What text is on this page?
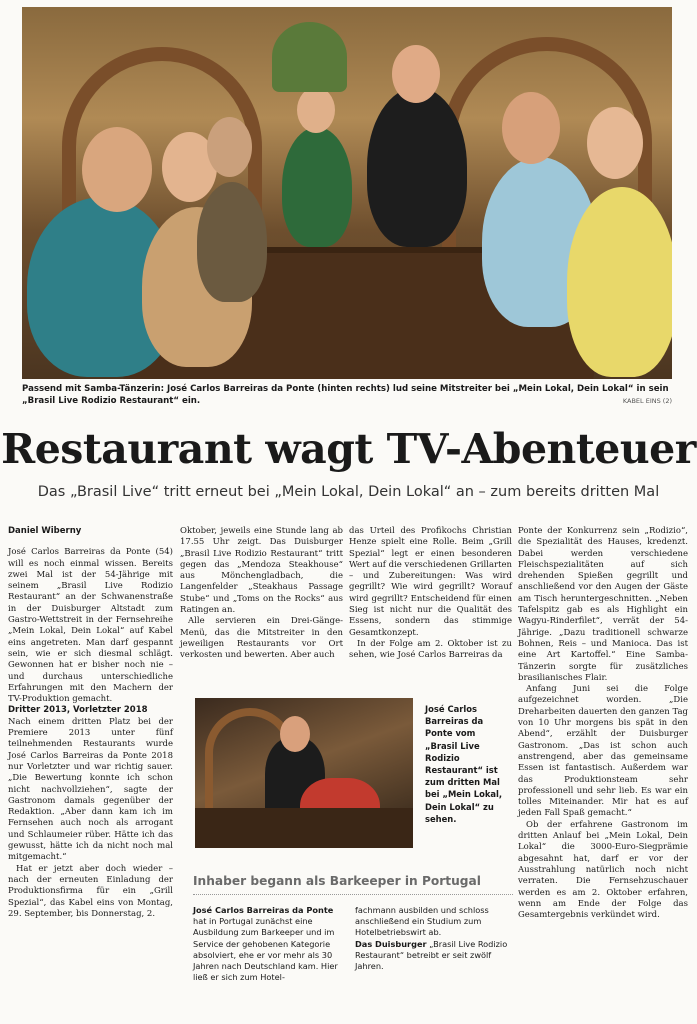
Passend mit Samba-Tänzerin: José Carlos Barreiras da Ponte (hinten rechts) lud seine Mitstreiter bei „Mein Lokal, Dein Lokal“ in sein „Brasil Live Rodizio Restaurant“ ein.	KABEL EINS (2)
Restaurant wagt TV-Abenteuer
Das „Brasil Live“ tritt erneut bei „Mein Lokal, Dein Lokal“ an – zum bereits dritten Mal
Daniel Wiberny

José Carlos Barreiras da Ponte (54) will es noch einmal wissen. Bereits zwei Mal ist der 54-Jährige mit seinem „Brasil Live Rodizio Restaurant“ an der Schwanenstraße in der Duisburger Altstadt zum Gastro-Wettstreit in der Fernsehreihe „Mein Lokal, Dein Lokal“ auf Kabel eins angetreten. Man darf gespannt sein, wie er sich diesmal schlägt. Gewonnen hat er bisher noch nie – und durchaus unterschiedliche Erfahrungen mit den Machern der TV-Produktion gemacht.

Dritter 2013, Vorletzter 2018

Nach einem dritten Platz bei der Premiere 2013 unter fünf teilnehmenden Restaurants wurde José Carlos Barreiras da Ponte 2018 nur Vorletzter und war richtig sauer. „Die Bewertung konnte ich schon nicht nachvollziehen“, sagte der Gastronom damals gegenüber der Redaktion. „Aber dann kam ich im Fernsehen auch noch als arrogant und Schlaumeier rüber. Hätte ich das gewusst, hätte ich da nicht noch mal mitgemacht.“

Hat er jetzt aber doch wieder – nach der erneuten Einladung der Produktionsfirma für ein „Grill Spezial“, das Kabel eins von Montag, 29. September, bis Donnerstag, 2.

Oktober, jeweils eine Stunde lang ab 17.55 Uhr zeigt. Das Duisburger „Brasil Live Rodizio Restaurant“ tritt gegen das „Mendoza Steakhouse“ aus Mönchengladbach, die Langenfelder „Steakhaus Passage Stube“ und „Toms on the Rocks“ aus Ratingen an.

Alle servieren ein Drei-Gänge-Menü, das die Mitstreiter in den jeweiligen Restaurants vor Ort verkosten und bewerten. Aber auch

das Urteil des Profikochs Christian Henze spielt eine Rolle. Beim „Grill Spezial“ legt er einen besonderen Wert auf die verschiedenen Grillarten – und Zubereitungen: Was wird gegrillt? Wie wird gegrillt? Worauf wird gegrillt? Entscheidend für einen Sieg ist nicht nur die Qualität des Essens, sondern das stimmige Gesamtkonzept.

In der Folge am 2. Oktober ist zu sehen, wie José Carlos Barreiras da

Ponte der Konkurrenz sein „Rodizio“, die Spezialität des Hauses, kredenzt. Dabei werden verschiedene Fleischspezialitäten auf sich drehenden Spießen gegrillt und anschließend vor den Augen der Gäste am Tisch heruntergeschnitten. „Neben Tafelspitz gab es als Highlight ein Wagyu-Rinderfilet“, verrät der 54-Jährige. „Dazu traditionell schwarze Bohnen, Reis – und Manioca. Das ist eine Art Kartoffel.“ Eine Samba-Tänzerin sorgte für zusätzliches brasilianisches Flair.

Anfang Juni sei die Folge aufgezeichnet worden. „Die Dreharbeiten dauerten den ganzen Tag von 10 Uhr morgens bis spät in den Abend“, erzählt der Duisburger Gastronom. „Das ist schon auch anstrengend, aber das gemeinsame Essen ist fantastisch. Außerdem war das Produktionsteam sehr professionell und sehr lieb. Es war ein tolles Miteinander. Mir hat es auf jeden Fall Spaß gemacht.“

Ob der erfahrene Gastronom im dritten Anlauf bei „Mein Lokal, Dein Lokal“ die 3000-Euro-Siegprämie abgesahnt hat, darf er vor der Ausstrahlung natürlich noch nicht verraten. Die Fernsehzuschauer werden es am 2. Oktober erfahren, wenn am Ende der Folge das Gesamtergebnis verkündet wird.

José Carlos Barreiras da Ponte vom „Brasil Live Rodizio Restaurant“ ist zum dritten Mal bei „Mein Lokal, Dein Lokal“ zu sehen.
Inhaber begann als Barkeeper in Portugal
José Carlos Barreiras da Ponte
hat in Portugal zunächst eine Ausbildung zum Barkeeper und im Service der gehobenen Kategorie absolviert, ehe er vor mehr als 30 Jahren nach Deutschland kam. Hier ließ er sich zum Hotel-
fachmann ausbilden und schloss anschließend ein Studium zum Hotelbetriebswirt ab.
Das Duisburger „Brasil Live Rodizio Restaurant“ betreibt er seit zwölf Jahren.
